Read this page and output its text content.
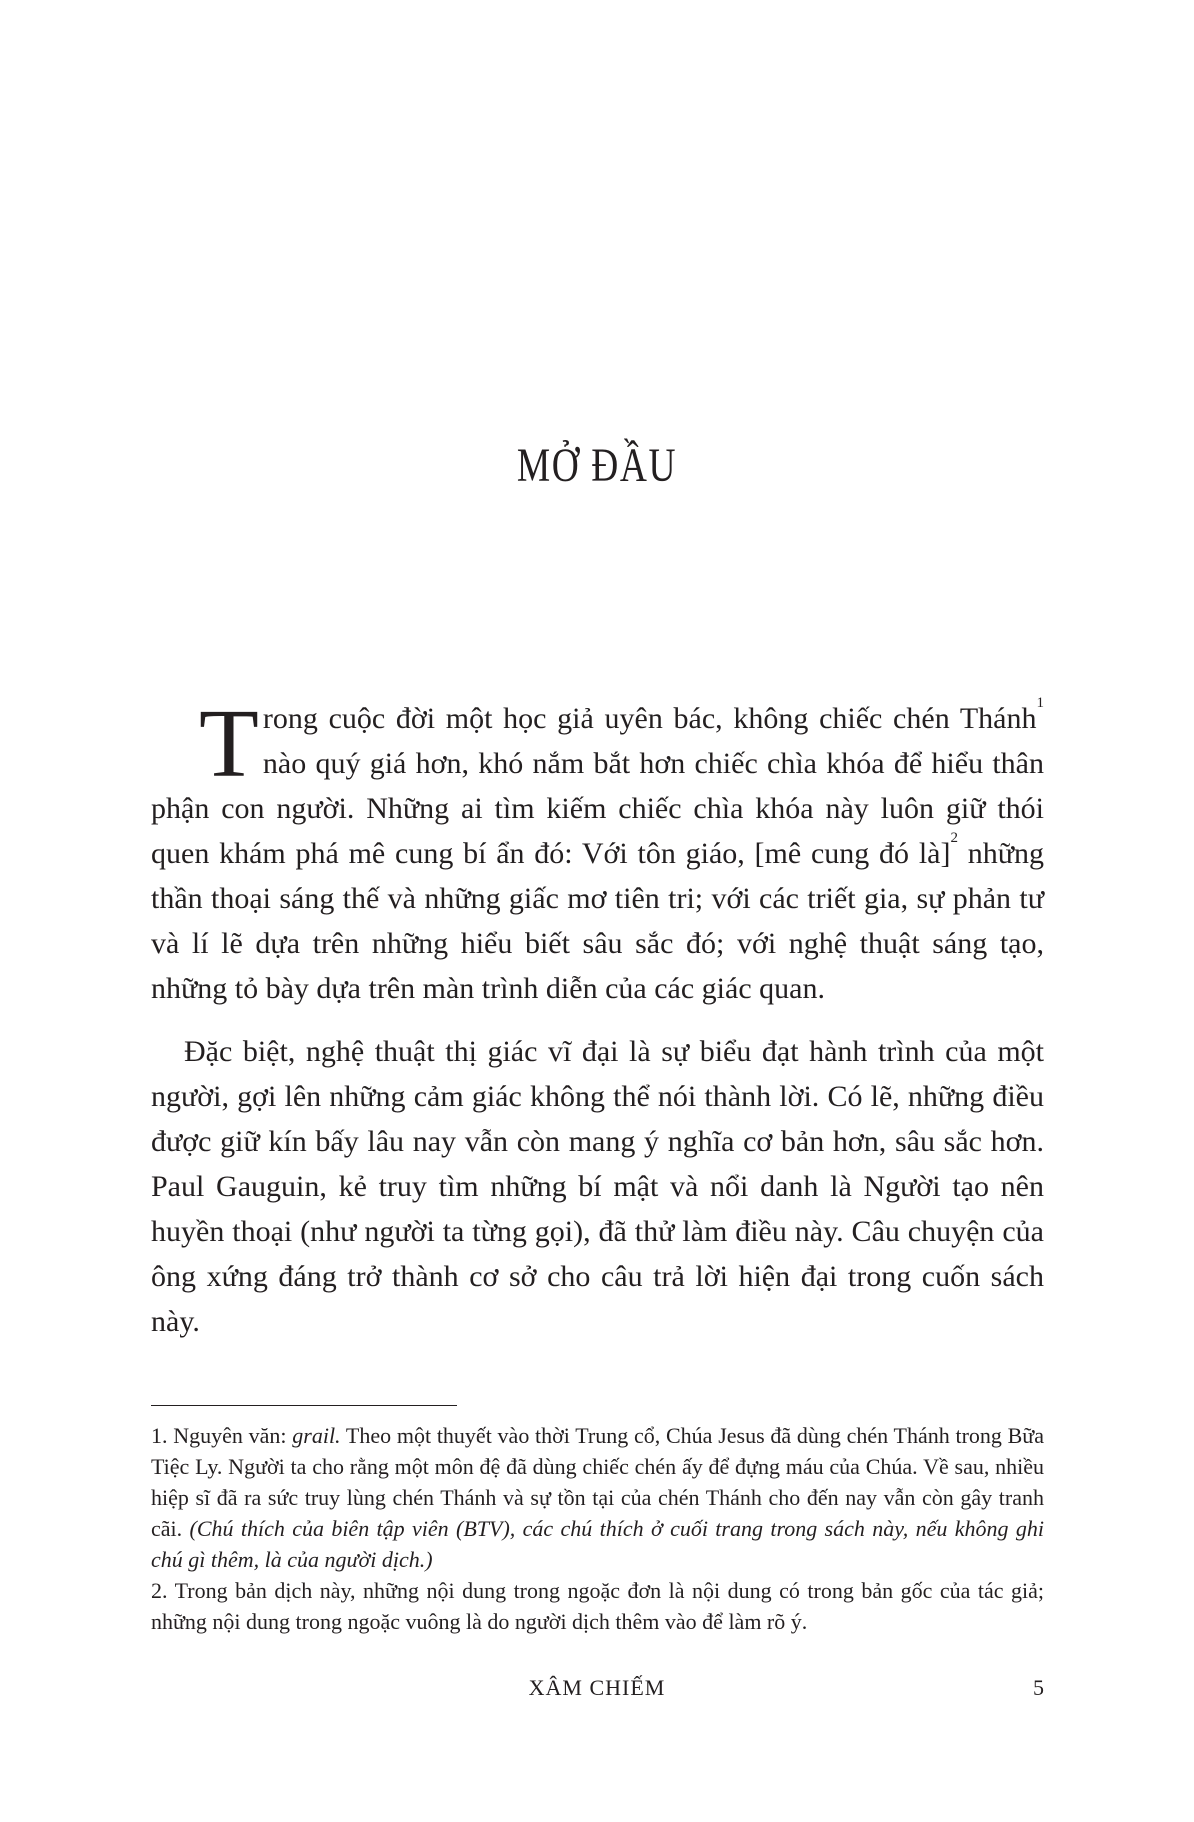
MỞ ĐẦU

Trong cuộc đời một học giả uyên bác, không chiếc chén Thánh$^1$ nào quý giá hơn, khó nắm bắt hơn chiếc chìa khóa để hiểu thân phận con người. Những ai tìm kiếm chiếc chìa khóa này luôn giữ thói quen khám phá mê cung bí ẩn đó: Với tôn giáo, [mê cung đó là]$^2$ những thần thoại sáng thế và những giấc mơ tiên tri; với các triết gia, sự phản tư và lí lẽ dựa trên những hiểu biết sâu sắc đó; với nghệ thuật sáng tạo, những tỏ bày dựa trên màn trình diễn của các giác quan.

Đặc biệt, nghệ thuật thị giác vĩ đại là sự biểu đạt hành trình của một người, gợi lên những cảm giác không thể nói thành lời. Có lẽ, những điều được giữ kín bấy lâu nay vẫn còn mang ý nghĩa cơ bản hơn, sâu sắc hơn. Paul Gauguin, kẻ truy tìm những bí mật và nổi danh là Người tạo nên huyền thoại (như người ta từng gọi), đã thử làm điều này. Câu chuyện của ông xứng đáng trở thành cơ sở cho câu trả lời hiện đại trong cuốn sách này.

1. Nguyên văn: grail. Theo một thuyết vào thời Trung cổ, Chúa Jesus đã dùng chén Thánh trong Bữa Tiệc Ly. Người ta cho rằng một môn đệ đã dùng chiếc chén ấy để đựng máu của Chúa. Về sau, nhiều hiệp sĩ đã ra sức truy lùng chén Thánh và sự tồn tại của chén Thánh cho đến nay vẫn còn gây tranh cãi. (Chú thích của biên tập viên (BTV), các chú thích ở cuối trang trong sách này, nếu không ghi chú gì thêm, là của người dịch.)

2. Trong bản dịch này, những nội dung trong ngoặc đơn là nội dung có trong bản gốc của tác giả; những nội dung trong ngoặc vuông là do người dịch thêm vào để làm rõ ý.

XÂM CHIẾM	5
